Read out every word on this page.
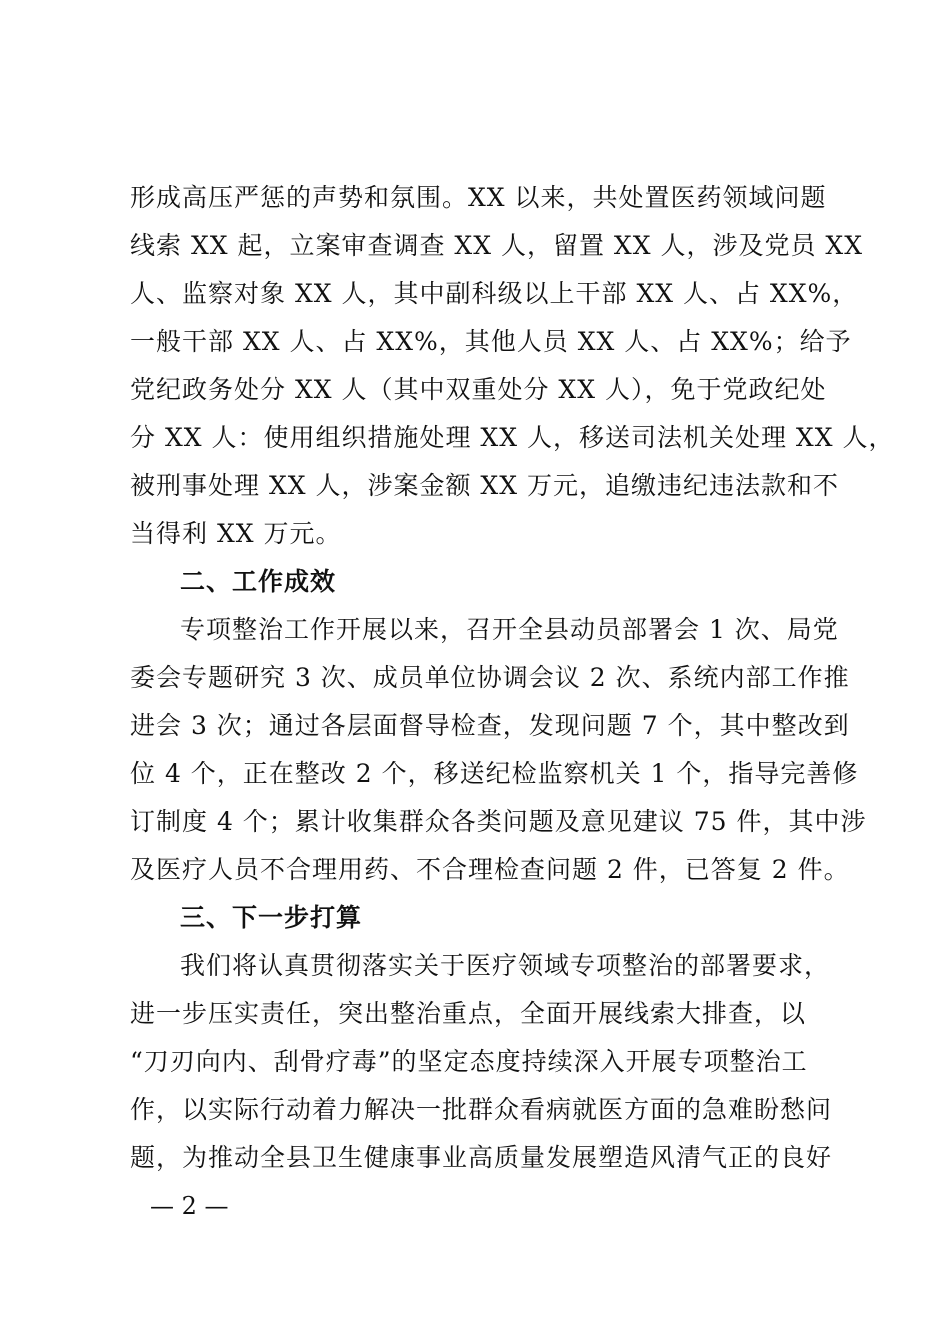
形成高压严惩的声势和氛围。XX 以来，共处置医药领域问题
线索 XX 起，立案审查调查 XX 人，留置 XX 人，涉及党员 XX
人、监察对象 XX 人，其中副科级以上干部 XX 人、占 XX%，
一般干部 XX 人、占 XX%，其他人员 XX 人、占 XX%；给予
党纪政务处分 XX 人（其中双重处分 XX 人），免于党政纪处
分 XX 人：使用组织措施处理 XX 人，移送司法机关处理 XX 人，
被刑事处理 XX 人，涉案金额 XX 万元，追缴违纪违法款和不
当得利 XX 万元。
二、工作成效
专项整治工作开展以来，召开全县动员部署会 1 次、局党
委会专题研究 3 次、成员单位协调会议 2 次、系统内部工作推
进会 3 次；通过各层面督导检查，发现问题 7 个，其中整改到
位 4 个，正在整改 2 个，移送纪检监察机关 1 个，指导完善修
订制度 4 个；累计收集群众各类问题及意见建议 75 件，其中涉
及医疗人员不合理用药、不合理检查问题 2 件，已答复 2 件。
三、下一步打算
我们将认真贯彻落实关于医疗领域专项整治的部署要求，
进一步压实责任，突出整治重点，全面开展线索大排查，以
“刀刃向内、刮骨疗毒”的坚定态度持续深入开展专项整治工
作，以实际行动着力解决一批群众看病就医方面的急难盼愁问
题，为推动全县卫生健康事业高质量发展塑造风清气正的良好
— 2 —
